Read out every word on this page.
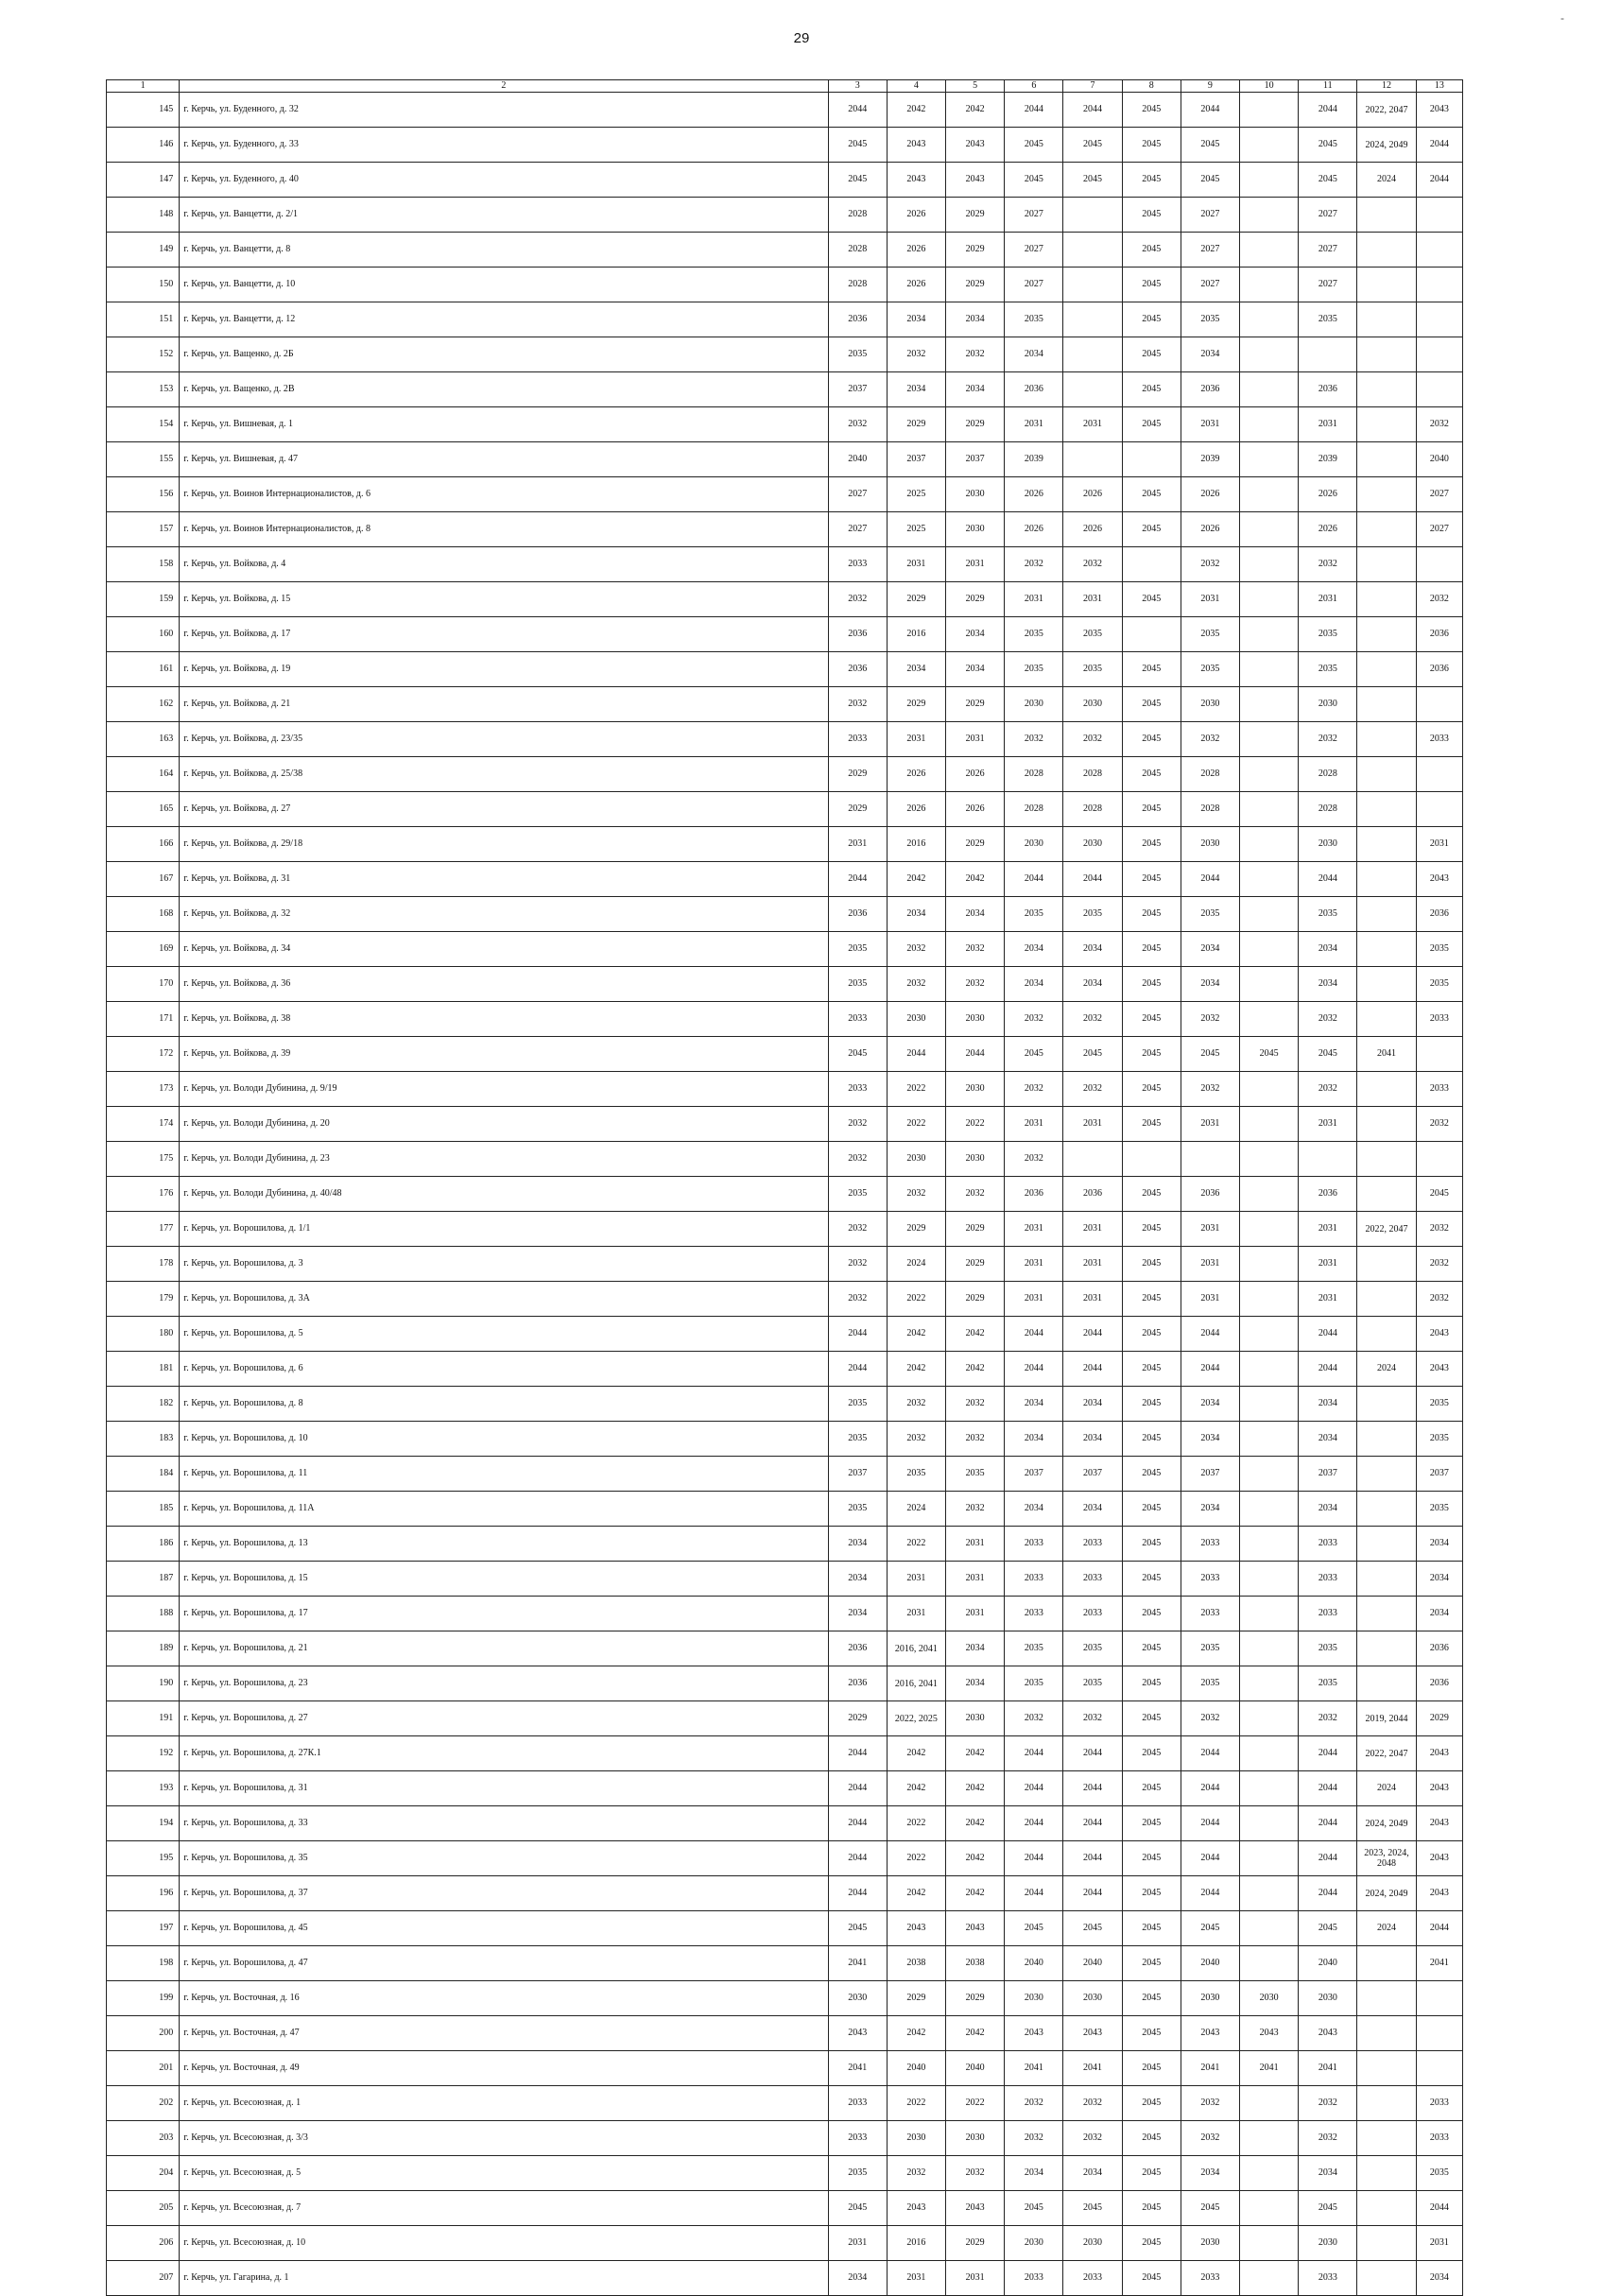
29
-
1	2	3	4	5	6	7	8	9	10	11	12	13
145	г. Керчь, ул. Буденного, д. 32	2044	2042	2042	2044	2044	2045	2044		2044	2022, 2047	2043
146	г. Керчь, ул. Буденного, д. 33	2045	2043	2043	2045	2045	2045	2045		2045	2024, 2049	2044
147	г. Керчь, ул. Буденного, д. 40	2045	2043	2043	2045	2045	2045	2045		2045	2024	2044
148	г. Керчь, ул. Ванцетти, д. 2/1	2028	2026	2029	2027		2045	2027		2027		
149	г. Керчь, ул. Ванцетти, д. 8	2028	2026	2029	2027		2045	2027		2027		
150	г. Керчь, ул. Ванцетти, д. 10	2028	2026	2029	2027		2045	2027		2027		
151	г. Керчь, ул. Ванцетти, д. 12	2036	2034	2034	2035		2045	2035		2035		
152	г. Керчь, ул. Ващенко, д. 2Б	2035	2032	2032	2034		2045	2034				
153	г. Керчь, ул. Ващенко, д. 2В	2037	2034	2034	2036		2045	2036		2036		
154	г. Керчь, ул. Вишневая, д. 1	2032	2029	2029	2031	2031	2045	2031		2031		2032
155	г. Керчь, ул. Вишневая, д. 47	2040	2037	2037	2039			2039		2039		2040
156	г. Керчь, ул. Воинов Интернационалистов, д. 6	2027	2025	2030	2026	2026	2045	2026		2026		2027
157	г. Керчь, ул. Воинов Интернационалистов, д. 8	2027	2025	2030	2026	2026	2045	2026		2026		2027
158	г. Керчь, ул. Войкова, д. 4	2033	2031	2031	2032	2032		2032		2032		
159	г. Керчь, ул. Войкова, д. 15	2032	2029	2029	2031	2031	2045	2031		2031		2032
160	г. Керчь, ул. Войкова, д. 17	2036	2016	2034	2035	2035		2035		2035		2036
161	г. Керчь, ул. Войкова, д. 19	2036	2034	2034	2035	2035	2045	2035		2035		2036
162	г. Керчь, ул. Войкова, д. 21	2032	2029	2029	2030	2030	2045	2030		2030		
163	г. Керчь, ул. Войкова, д. 23/35	2033	2031	2031	2032	2032	2045	2032		2032		2033
164	г. Керчь, ул. Войкова, д. 25/38	2029	2026	2026	2028	2028	2045	2028		2028		
165	г. Керчь, ул. Войкова, д. 27	2029	2026	2026	2028	2028	2045	2028		2028		
166	г. Керчь, ул. Войкова, д. 29/18	2031	2016	2029	2030	2030	2045	2030		2030		2031
167	г. Керчь, ул. Войкова, д. 31	2044	2042	2042	2044	2044	2045	2044		2044		2043
168	г. Керчь, ул. Войкова, д. 32	2036	2034	2034	2035	2035	2045	2035		2035		2036
169	г. Керчь, ул. Войкова, д. 34	2035	2032	2032	2034	2034	2045	2034		2034		2035
170	г. Керчь, ул. Войкова, д. 36	2035	2032	2032	2034	2034	2045	2034		2034		2035
171	г. Керчь, ул. Войкова, д. 38	2033	2030	2030	2032	2032	2045	2032		2032		2033
172	г. Керчь, ул. Войкова, д. 39	2045	2044	2044	2045	2045	2045	2045	2045	2045	2041	
173	г. Керчь, ул. Володи Дубинина, д. 9/19	2033	2022	2030	2032	2032	2045	2032		2032		2033
174	г. Керчь, ул. Володи Дубинина, д. 20	2032	2022	2022	2031	2031	2045	2031		2031		2032
175	г. Керчь, ул. Володи Дубинина, д. 23	2032	2030	2030	2032							
176	г. Керчь, ул. Володи Дубинина, д. 40/48	2035	2032	2032	2036	2036	2045	2036		2036		2045
177	г. Керчь, ул. Ворошилова, д. 1/1	2032	2029	2029	2031	2031	2045	2031		2031	2022, 2047	2032
178	г. Керчь, ул. Ворошилова, д. 3	2032	2024	2029	2031	2031	2045	2031		2031		2032
179	г. Керчь, ул. Ворошилова, д. 3А	2032	2022	2029	2031	2031	2045	2031		2031		2032
180	г. Керчь, ул. Ворошилова, д. 5	2044	2042	2042	2044	2044	2045	2044		2044		2043
181	г. Керчь, ул. Ворошилова, д. 6	2044	2042	2042	2044	2044	2045	2044		2044	2024	2043
182	г. Керчь, ул. Ворошилова, д. 8	2035	2032	2032	2034	2034	2045	2034		2034		2035
183	г. Керчь, ул. Ворошилова, д. 10	2035	2032	2032	2034	2034	2045	2034		2034		2035
184	г. Керчь, ул. Ворошилова, д. 11	2037	2035	2035	2037	2037	2045	2037		2037		2037
185	г. Керчь, ул. Ворошилова, д. 11А	2035	2024	2032	2034	2034	2045	2034		2034		2035
186	г. Керчь, ул. Ворошилова, д. 13	2034	2022	2031	2033	2033	2045	2033		2033		2034
187	г. Керчь, ул. Ворошилова, д. 15	2034	2031	2031	2033	2033	2045	2033		2033		2034
188	г. Керчь, ул. Ворошилова, д. 17	2034	2031	2031	2033	2033	2045	2033		2033		2034
189	г. Керчь, ул. Ворошилова, д. 21	2036	2016, 2041	2034	2035	2035	2045	2035		2035		2036
190	г. Керчь, ул. Ворошилова, д. 23	2036	2016, 2041	2034	2035	2035	2045	2035		2035		2036
191	г. Керчь, ул. Ворошилова, д. 27	2029	2022, 2025	2030	2032	2032	2045	2032		2032	2019, 2044	2029
192	г. Керчь, ул. Ворошилова, д. 27К.1	2044	2042	2042	2044	2044	2045	2044		2044	2022, 2047	2043
193	г. Керчь, ул. Ворошилова, д. 31	2044	2042	2042	2044	2044	2045	2044		2044	2024	2043
194	г. Керчь, ул. Ворошилова, д. 33	2044	2022	2042	2044	2044	2045	2044		2044	2024, 2049	2043
195	г. Керчь, ул. Ворошилова, д. 35	2044	2022	2042	2044	2044	2045	2044		2044	2023, 2024, 2048	2043
196	г. Керчь, ул. Ворошилова, д. 37	2044	2042	2042	2044	2044	2045	2044		2044	2024, 2049	2043
197	г. Керчь, ул. Ворошилова, д. 45	2045	2043	2043	2045	2045	2045	2045		2045	2024	2044
198	г. Керчь, ул. Ворошилова, д. 47	2041	2038	2038	2040	2040	2045	2040		2040		2041
199	г. Керчь, ул. Восточная, д. 16	2030	2029	2029	2030	2030	2045	2030	2030	2030		
200	г. Керчь, ул. Восточная, д. 47	2043	2042	2042	2043	2043	2045	2043	2043	2043		
201	г. Керчь, ул. Восточная, д. 49	2041	2040	2040	2041	2041	2045	2041	2041	2041		
202	г. Керчь, ул. Всесоюзная, д. 1	2033	2022	2022	2032	2032	2045	2032		2032		2033
203	г. Керчь, ул. Всесоюзная, д. 3/3	2033	2030	2030	2032	2032	2045	2032		2032		2033
204	г. Керчь, ул. Всесоюзная, д. 5	2035	2032	2032	2034	2034	2045	2034		2034		2035
205	г. Керчь, ул. Всесоюзная, д. 7	2045	2043	2043	2045	2045	2045	2045		2045		2044
206	г. Керчь, ул. Всесоюзная, д. 10	2031	2016	2029	2030	2030	2045	2030		2030		2031
207	г. Керчь, ул. Гагарина, д. 1	2034	2031	2031	2033	2033	2045	2033		2033		2034
